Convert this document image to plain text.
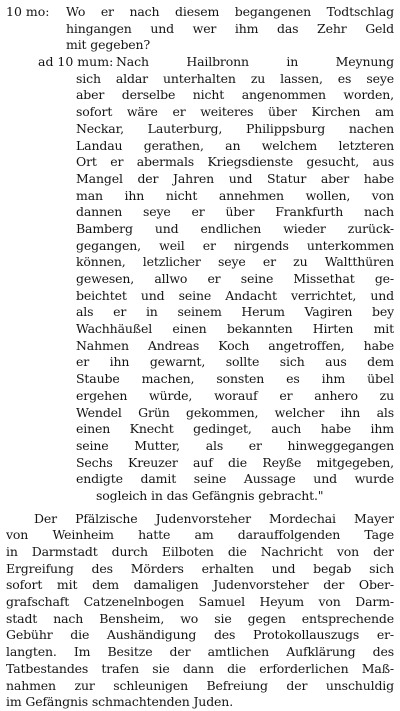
10 mo:	Wo er nach diesem begangenen Todtschlag
hingangen und wer ihm das Zehr Geld
mit gegeben?
ad 10 mum: Nach Hailbronn in Meynung
sich aldar unterhalten zu lassen, es seye
aber derselbe nicht angenommen worden,
sofort wäre er weiteres über Kirchen am
Neckar, Lauterburg, Philippsburg nachen
Landau gerathen, an welchem letzteren
Ort er abermals Kriegsdienste gesucht, aus
Mangel der Jahren und Statur aber habe
man ihn nicht annehmen wollen, von
dannen seye er über Frankfurth nach
Bamberg und endlichen wieder zurück-
gegangen, weil er nirgends unterkommen
können, letzlicher seye er zu Waltthüren
gewesen, allwo er seine Missethat ge-
beichtet und seine Andacht verrichtet, und
als er in seinem Herum Vagiren bey
Wachhäußel einen bekannten Hirten mit
Nahmen Andreas Koch angetroffen, habe
er ihn gewarnt, sollte sich aus dem
Staube machen, sonsten es ihm übel
ergehen würde, worauf er anhero zu
Wendel Grün gekommen, welcher ihn als
einen Knecht gedinget, auch habe ihm
seine Mutter, als er hinweggegangen
Sechs Kreuzer auf die Reyße mitgegeben,
endigte damit seine Aussage und wurde
sogleich in das Gefängnis gebracht."
Der Pfälzische Judenvorsteher Mordechai Mayer
von Weinheim hatte am darauffolgenden Tage
in Darmstadt durch Eilboten die Nachricht von der
Ergreifung des Mörders erhalten und begab sich
sofort mit dem damaligen Judenvorsteher der Ober-
grafschaft Catzenelnbogen Samuel Heyum von Darm-
stadt nach Bensheim, wo sie gegen entsprechende
Gebühr die Aushändigung des Protokollauszugs er-
langten. Im Besitze der amtlichen Aufklärung des
Tatbestandes trafen sie dann die erforderlichen Maß-
nahmen zur schleunigen Befreiung der unschuldig
im Gefängnis schmachtenden Juden.
